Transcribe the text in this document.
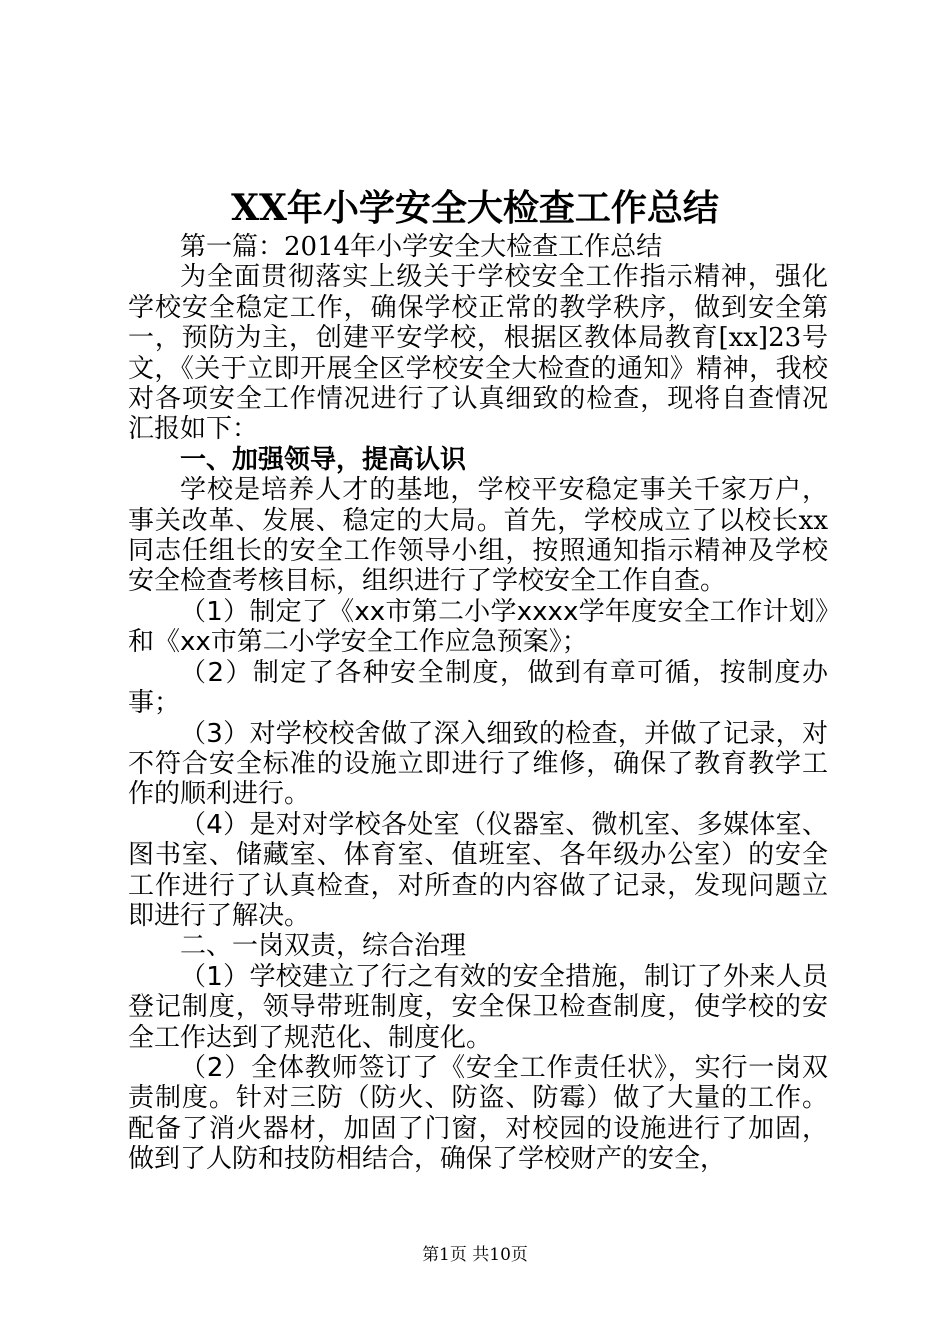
XX年小学安全大检查工作总结

第一篇：2014年小学安全大检查工作总结

为全面贯彻落实上级关于学校安全工作指示精神，强化学校安全稳定工作，确保学校正常的教学秩序，做到安全第一，预防为主，创建平安学校，根据区教体局教育[xx]23号文，《关于立即开展全区学校安全大检查的通知》精神，我校对各项安全工作情况进行了认真细致的检查，现将自查情况汇报如下：

一、加强领导，提高认识

学校是培养人才的基地，学校平安稳定事关千家万户，事关改革、发展、稳定的大局。首先，学校成立了以校长xx同志任组长的安全工作领导小组，按照通知指示精神及学校安全检查考核目标，组织进行了学校安全工作自查。

（1）制定了《xx市第二小学xxxx学年度安全工作计划》和《xx市第二小学安全工作应急预案》；

（2）制定了各种安全制度，做到有章可循，按制度办事；

（3）对学校校舍做了深入细致的检查，并做了记录，对不符合安全标准的设施立即进行了维修，确保了教育教学工作的顺利进行。

（4）是对对学校各处室（仪器室、微机室、多媒体室、图书室、储藏室、体育室、值班室、各年级办公室）的安全工作进行了认真检查，对所查的内容做了记录，发现问题立即进行了解决。

二、一岗双责，综合治理

（1）学校建立了行之有效的安全措施，制订了外来人员登记制度，领导带班制度，安全保卫检查制度，使学校的安全工作达到了规范化、制度化。

（2）全体教师签订了《安全工作责任状》，实行一岗双责制度。针对三防（防火、防盗、防霉）做了大量的工作。配备了消火器材，加固了门窗，对校园的设施进行了加固，做到了人防和技防相结合，确保了学校财产的安全，

第1页 共10页
